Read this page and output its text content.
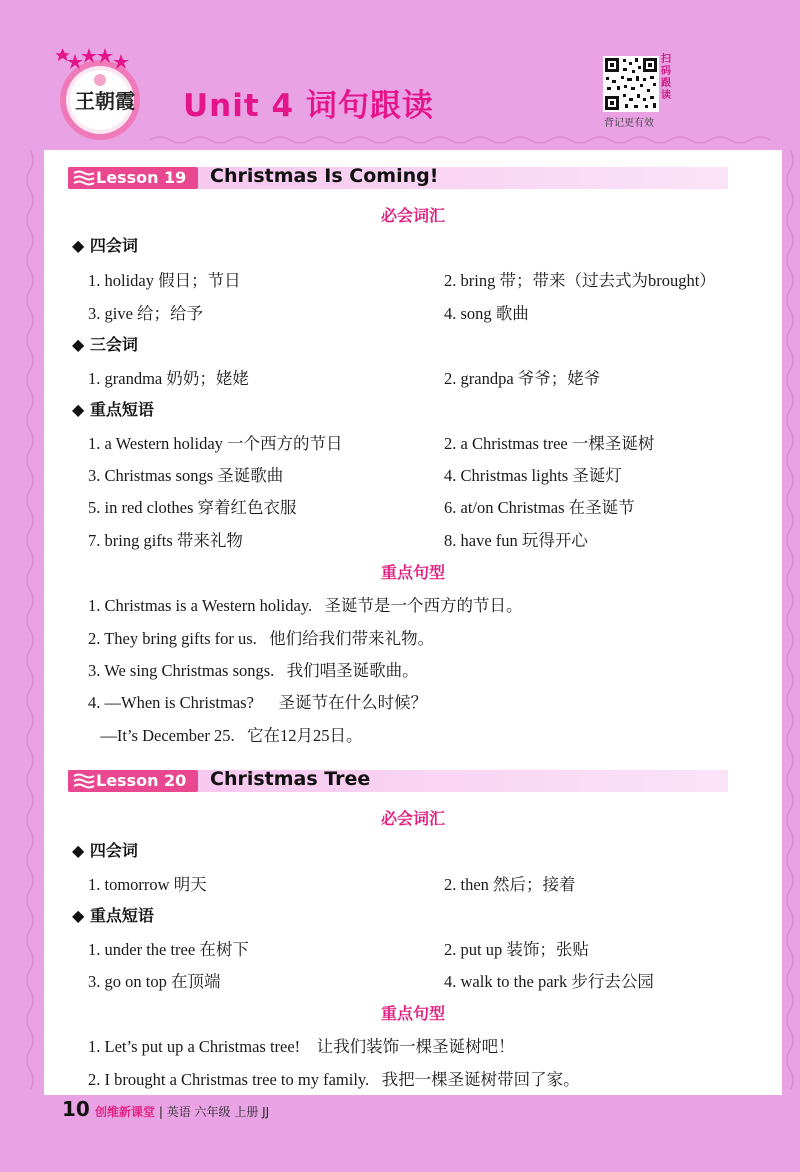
王朝霞 Unit 4 词句跟读
扫码跟读
背记更有效
Lesson 19 Christmas Is Coming!
必会词汇
◆ 四会词
1. holiday 假日；节日	2. bring 带；带来（过去式为brought）
3. give 给；给予	4. song 歌曲
◆ 三会词
1. grandma 奶奶；姥姥	2. grandpa 爷爷；姥爷
◆ 重点短语
1. a Western holiday 一个西方的节日	2. a Christmas tree 一棵圣诞树
3. Christmas songs 圣诞歌曲	4. Christmas lights 圣诞灯
5. in red clothes 穿着红色衣服	6. at/on Christmas 在圣诞节
7. bring gifts 带来礼物	8. have fun 玩得开心
重点句型
1. Christmas is a Western holiday.   圣诞节是一个西方的节日。
2. They bring gifts for us.   他们给我们带来礼物。
3. We sing Christmas songs.   我们唱圣诞歌曲。
4. —When is Christmas?      圣诞节在什么时候？
—It’s December 25.   它在12月25日。
Lesson 20 Christmas Tree
必会词汇
◆ 四会词
1. tomorrow 明天	2. then 然后；接着
◆ 重点短语
1. under the tree 在树下	2. put up 装饰；张贴
3. go on top 在顶端	4. walk to the park 步行去公园
重点句型
1. Let’s put up a Christmas tree!    让我们装饰一棵圣诞树吧！
2. I brought a Christmas tree to my family.   我把一棵圣诞树带回了家。
10 创维新课堂 | 英语 六年级 上册 JJ
